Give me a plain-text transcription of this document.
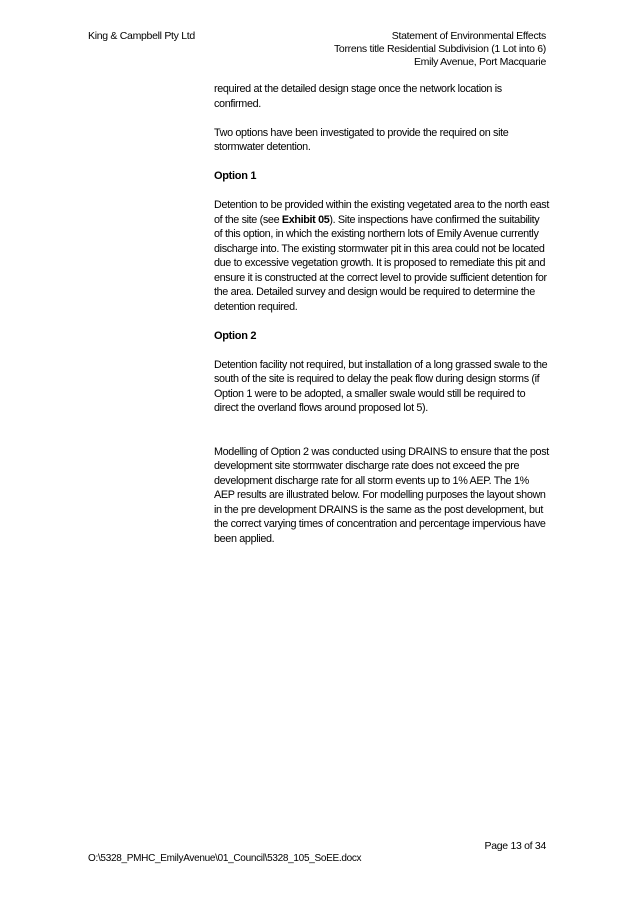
King & Campbell Pty Ltd	Statement of Environmental Effects
Torrens title Residential Subdivision (1 Lot into 6)
Emily Avenue, Port Macquarie

required at the detailed design stage once the network location is confirmed.

Two options have been investigated to provide the required on site stormwater detention.

Option 1

Detention to be provided within the existing vegetated area to the north east of the site (see Exhibit 05). Site inspections have confirmed the suitability of this option, in which the existing northern lots of Emily Avenue currently discharge into. The existing stormwater pit in this area could not be located due to excessive vegetation growth. It is proposed to remediate this pit and ensure it is constructed at the correct level to provide sufficient detention for the area. Detailed survey and design would be required to determine the detention required.

Option 2

Detention facility not required, but installation of a long grassed swale to the south of the site is required to delay the peak flow during design storms (if Option 1 were to be adopted, a smaller swale would still be required to direct the overland flows around proposed lot 5).

Modelling of Option 2 was conducted using DRAINS to ensure that the post development site stormwater discharge rate does not exceed the pre development discharge rate for all storm events up to 1% AEP. The 1% AEP results are illustrated below. For modelling purposes the layout shown in the pre development DRAINS is the same as the post development, but the correct varying times of concentration and percentage impervious have been applied.

Page 13 of 34
O:\5328_PMHC_EmilyAvenue\01_Council\5328_105_SoEE.docx
